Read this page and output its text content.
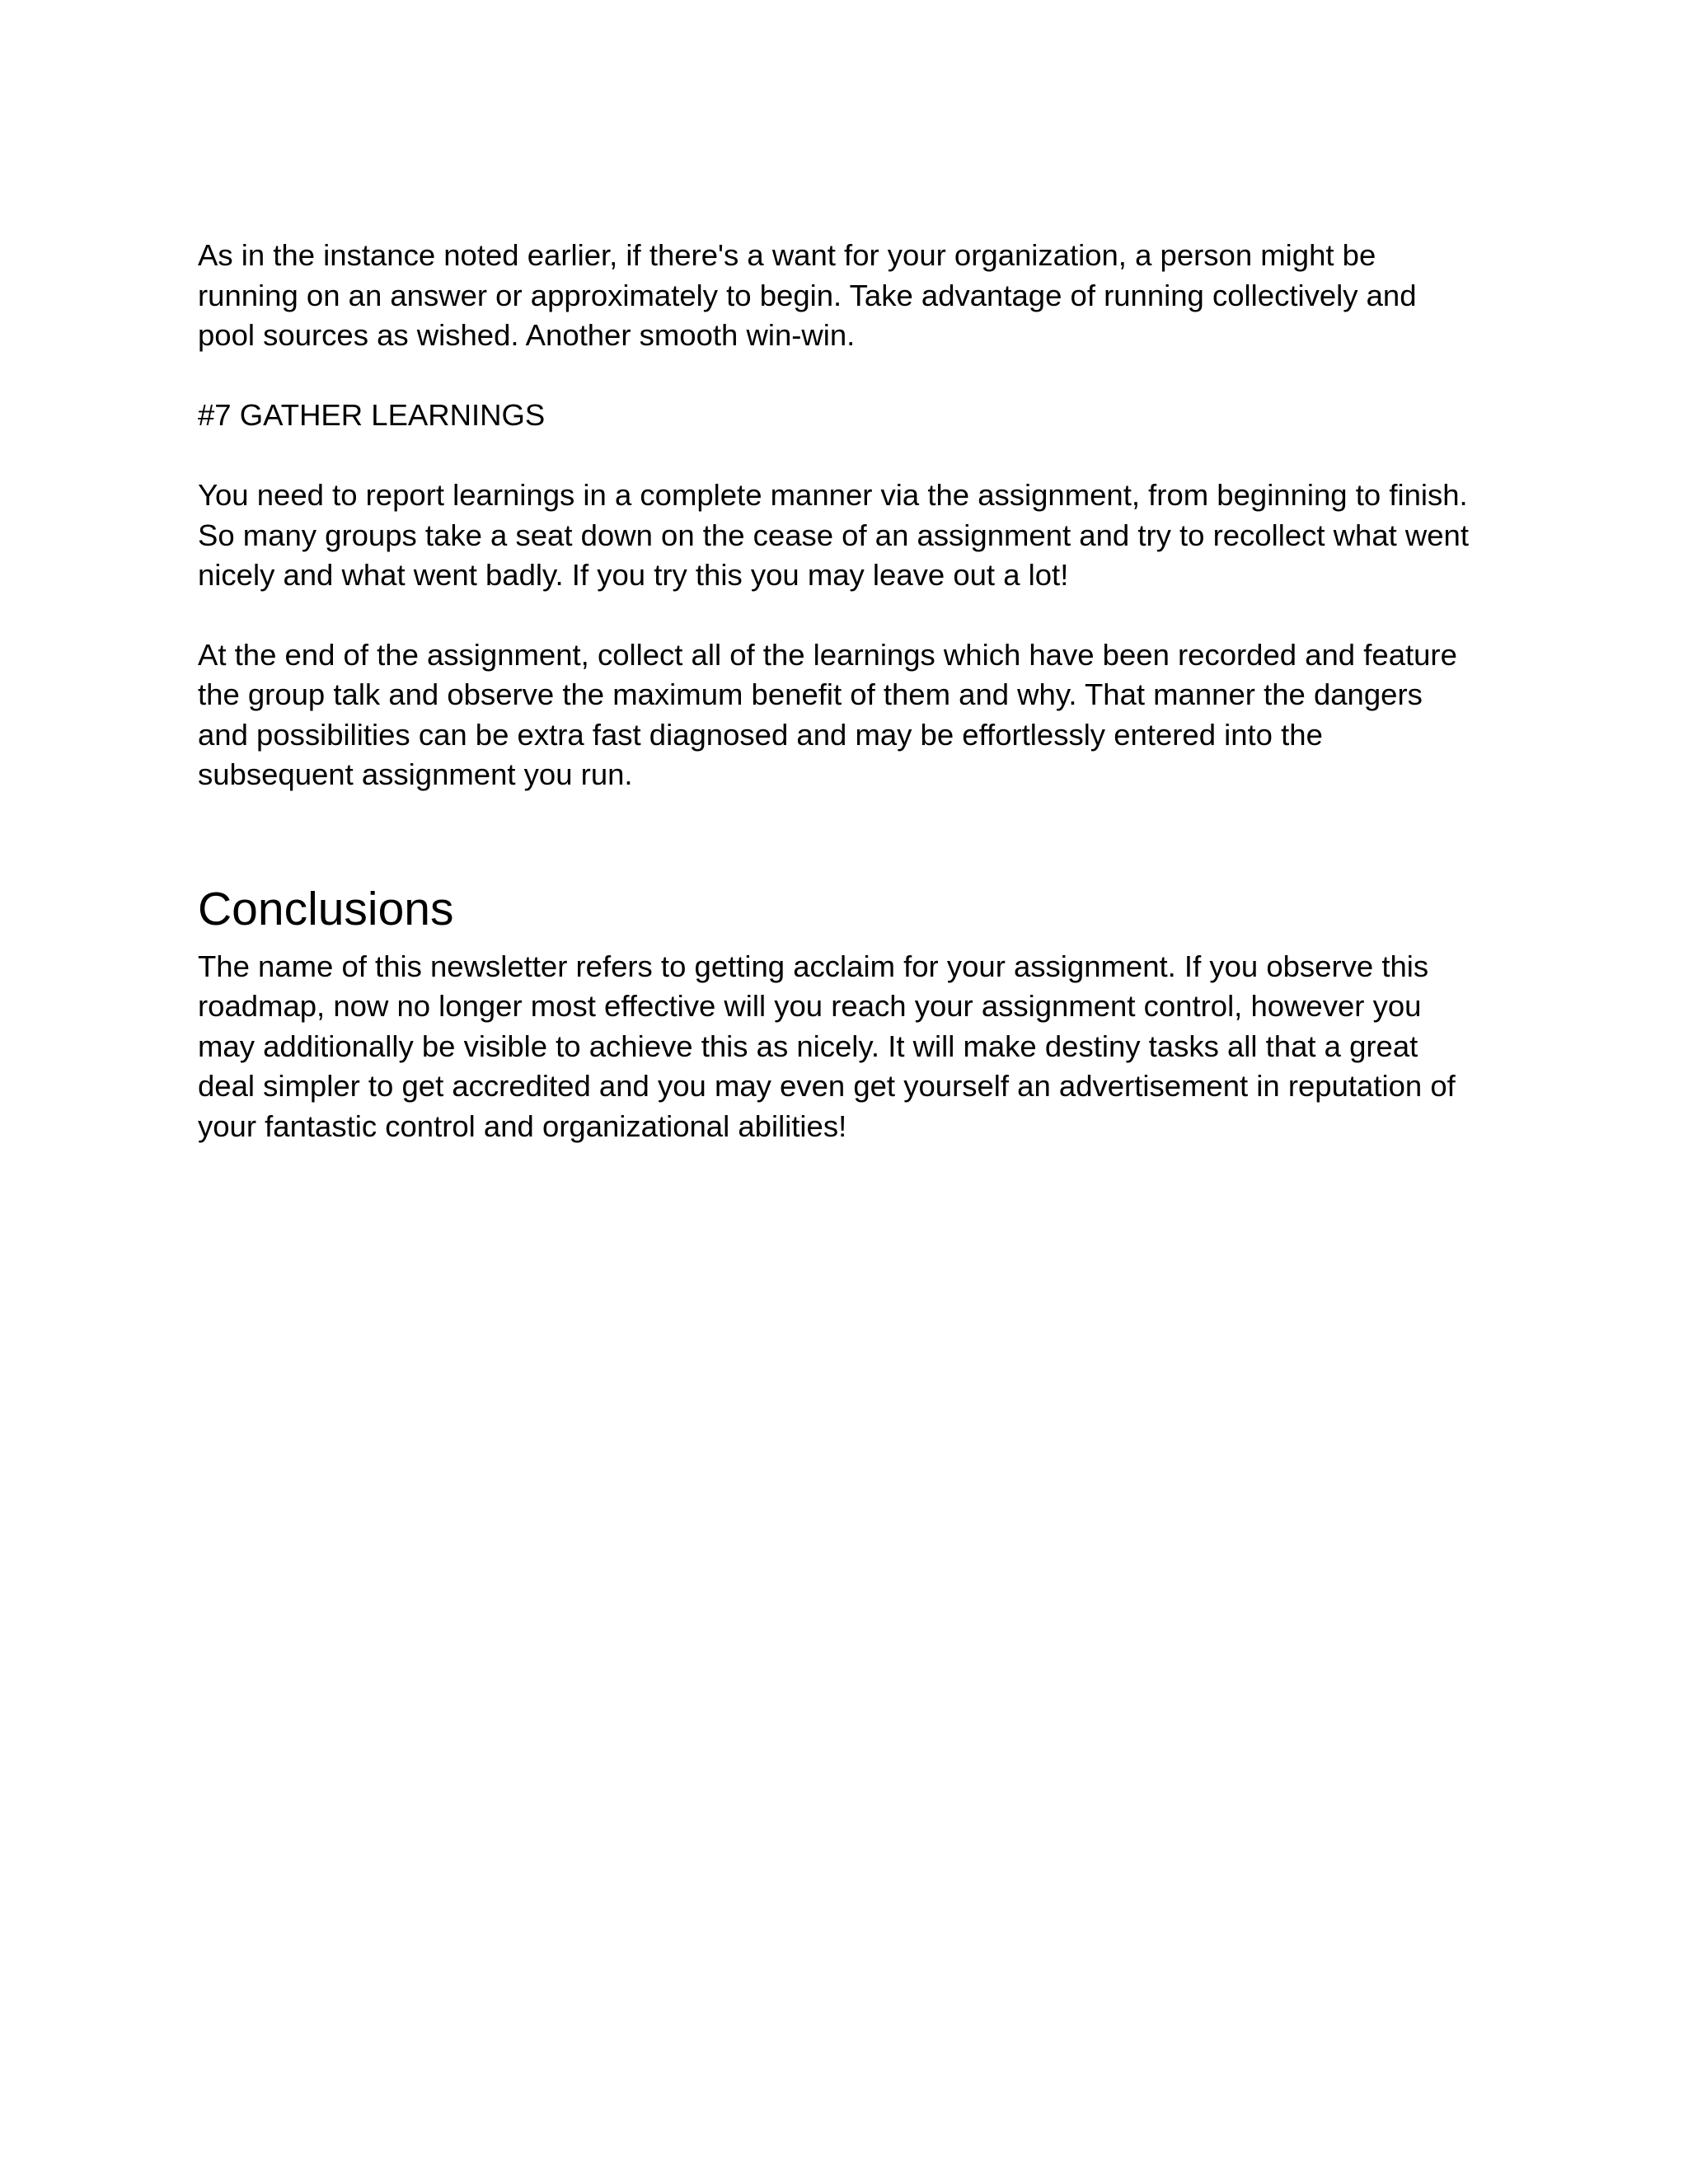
As in the instance noted earlier, if there's a want for your organization, a person might be
running on an answer or approximately to begin. Take advantage of running collectively and
pool sources as wished. Another smooth win-win.

#7 GATHER LEARNINGS

You need to report learnings in a complete manner via the assignment, from beginning to finish.
So many groups take a seat down on the cease of an assignment and try to recollect what went
nicely and what went badly. If you try this you may leave out a lot!

At the end of the assignment, collect all of the learnings which have been recorded and feature
the group talk and observe the maximum benefit of them and why. That manner the dangers
and possibilities can be extra fast diagnosed and may be effortlessly entered into the
subsequent assignment you run.

Conclusions

The name of this newsletter refers to getting acclaim for your assignment. If you observe this
roadmap, now no longer most effective will you reach your assignment control, however you
may additionally be visible to achieve this as nicely. It will make destiny tasks all that a great
deal simpler to get accredited and you may even get yourself an advertisement in reputation of
your fantastic control and organizational abilities!
